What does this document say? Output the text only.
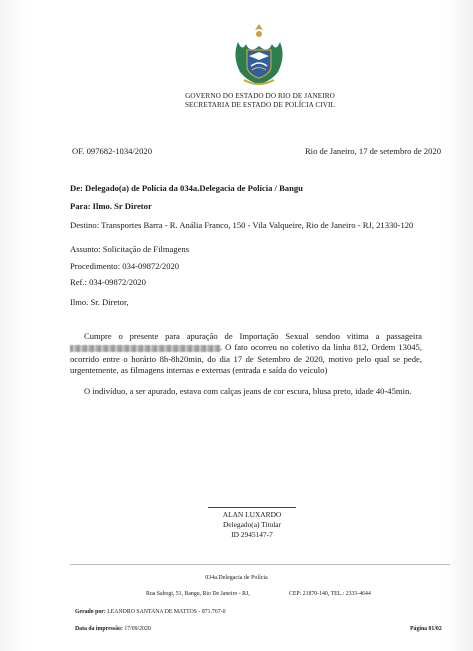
GOVERNO DO ESTADO DO RIO DE JANEIRO
SECRETARIA DE ESTADO DE POLÍCIA CIVIL
OF. 097682-1034/2020	Rio de Janeiro, 17 de setembro de 2020
De: Delegado(a) de Polícia da 034a.Delegacia de Polícia / Bangu
Para: Ilmo. Sr Diretor
Destino: Transportes Barra - R. Anália Franco, 150 - Vila Valqueire, Rio de Janeiro - RJ, 21330-120
Assunto: Solicitação de Filmagens
Procedimento: 034-09872/2020
Ref.: 034-09872/2020
Ilmo. Sr. Diretor,
Cumpre o presente para apuração de Importação Sexual sendoo vitima a passageira . O fato ocorreu no coletivo da linha 812, Ordem 13045, ocorrido entre o horário 8h-8h20min, do dia 17 de Setembro de 2020, motivo pelo qual se pede, urgentemente, as filmagens internas e externas (entrada e saída do veículo)
O indivíduo, a ser apurado, estava com calças jeans de cor escura, blusa preto, idade 40-45min.
ALAN LUXARDO
Delegado(a) Titular
ID 2945147-7
034a.Delegacia de Polícia
Rua Sabogi, 51, Bangu, Rio De Janeiro - RJ,	CEP: 21870-140, TEL.: 2333-4644
Gerado por: LEANDRO SANTANA DE MATTOS - 871.767-0
Data da impressão: 17/09/2020	Página 01/02
